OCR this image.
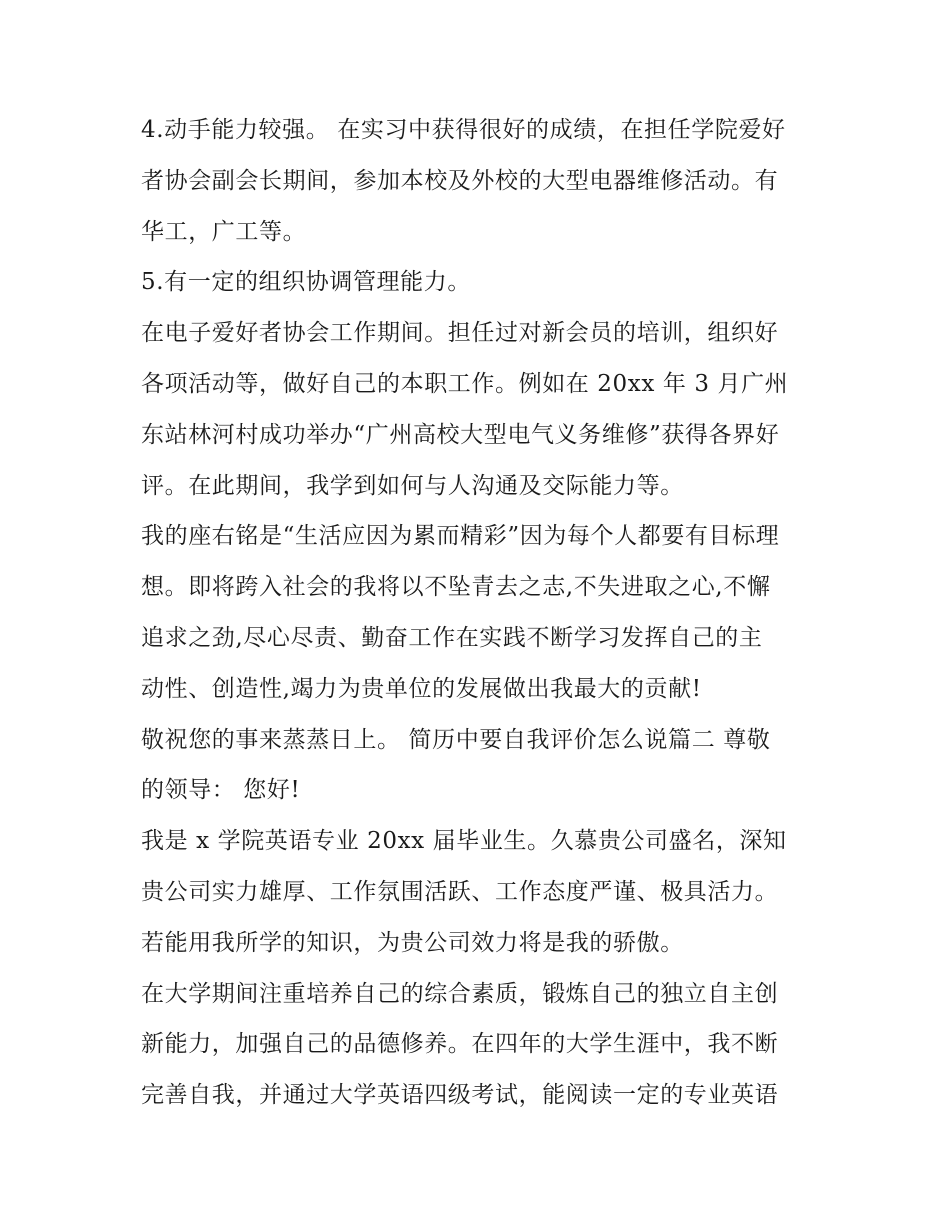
4.动手能力较强。 在实习中获得很好的成绩，在担任学院爱好
者协会副会长期间，参加本校及外校的大型电器维修活动。有
华工，广工等。
5.有一定的组织协调管理能力。
在电子爱好者协会工作期间。担任过对新会员的培训，组织好
各项活动等，做好自己的本职工作。例如在 20xx 年 3 月广州
东站林河村成功举办“广州高校大型电气义务维修”获得各界好
评。在此期间，我学到如何与人沟通及交际能力等。
我的座右铭是“生活应因为累而精彩”因为每个人都要有目标理
想。即将跨入社会的我将以不坠青去之志,不失进取之心,不懈
追求之劲,尽心尽责、勤奋工作在实践不断学习发挥自己的主
动性、创造性,竭力为贵单位的发展做出我最大的贡献!
敬祝您的事来蒸蒸日上。 简历中要自我评价怎么说篇二 尊敬
的领导： 您好!
我是 x 学院英语专业 20xx 届毕业生。久慕贵公司盛名，深知
贵公司实力雄厚、工作氛围活跃、工作态度严谨、极具活力。
若能用我所学的知识，为贵公司效力将是我的骄傲。
在大学期间注重培养自己的综合素质，锻炼自己的独立自主创
新能力，加强自己的品德修养。在四年的大学生涯中，我不断
完善自我，并通过大学英语四级考试，能阅读一定的专业英语
